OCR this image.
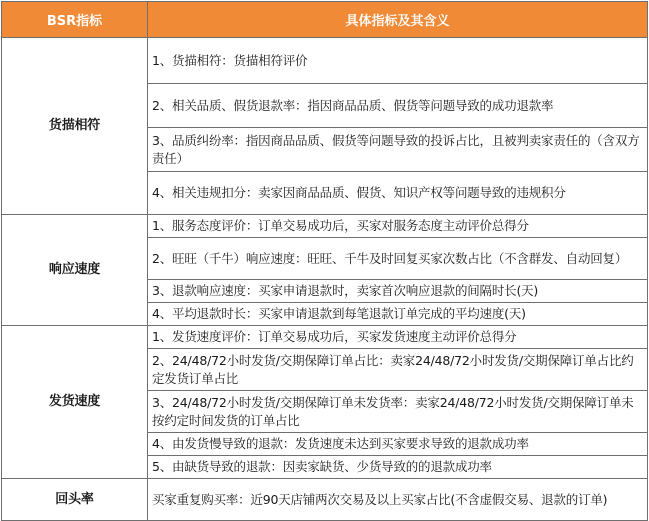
BSR指标	具体指标及其含义
货描相符	1、货描相符：货描相符评价
	2、相关品质、假货退款率：指因商品品质、假货等问题导致的成功退款率
	3、品质纠纷率：指因商品品质、假货等问题导致的投诉占比，且被判卖家责任的（含双方责任）
	4、相关违规扣分：卖家因商品品质、假货、知识产权等问题导致的违规积分
响应速度	1、服务态度评价：订单交易成功后，买家对服务态度主动评价总得分
	2、旺旺（千牛）响应速度：旺旺、千牛及时回复买家次数占比（不含群发、自动回复）
	3、退款响应速度：买家申请退款时，卖家首次响应退款的间隔时长(天)
	4、平均退款时长：买家申请退款到每笔退款订单完成的平均速度(天)
发货速度	1、发货速度评价：订单交易成功后，买家发货速度主动评价总得分
	2、24/48/72小时发货/交期保障订单占比：卖家24/48/72小时发货/交期保障订单占比约定发货订单占比
	3、24/48/72小时发货/交期保障订单未发货率：卖家24/48/72小时发货/交期保障订单未按约定时间发货的订单占比
	4、由发货慢导致的退款：发货速度未达到买家要求导致的退款成功率
	5、由缺货导致的退款：因卖家缺货、少货导致的的退款成功率
回头率	买家重复购买率：近90天店铺两次交易及以上买家占比(不含虚假交易、退款的订单)
